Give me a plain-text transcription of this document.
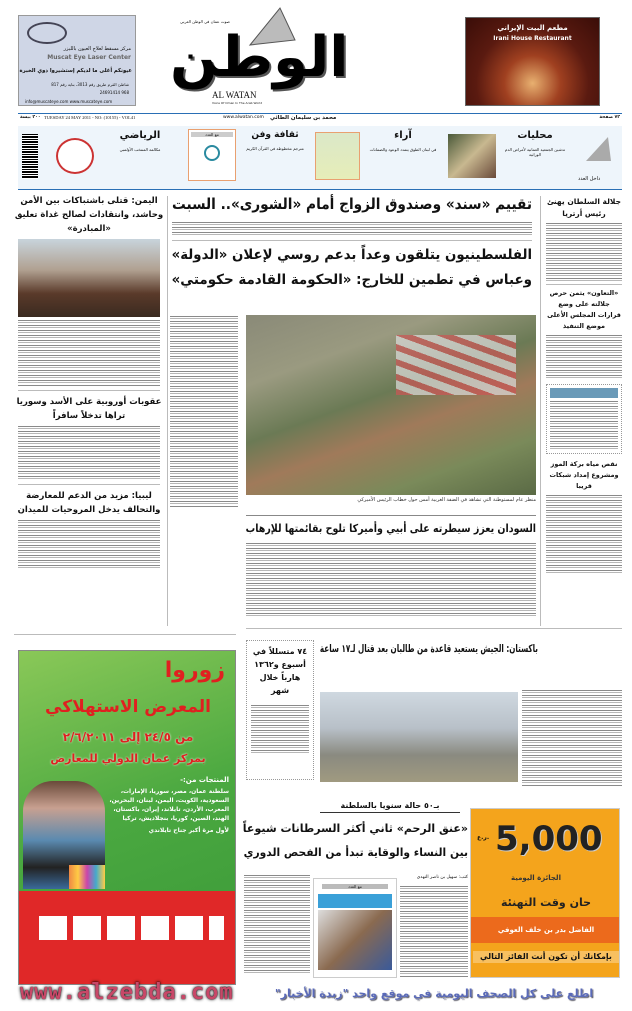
مركز مسقط لعلاج العيون بالليزر
Muscat Eye Laser Center
عيونكم أغلى ما لديكم إستشيروا ذوي الخبرة
شاطئ القرم طريق رقم 3013، بناية رقم 817
968 24691414
info@muscateye.com www.muscateye.com
صوت عمان في الوطن العربي
الوطن
AL WATAN
Voice Of Oman In The Arab World
مطعم البيت الإيراني
Irani House Restaurant
٢٠٠ بيسة TUESDAY 24 MAY 2011 - NO: (10155) - VOL41	www.alwatan.com محمد بن سليمان الطائي	٧٢ صفحة
الرياضي
مكالمة المنتخب الأولمبي
مع العدد	ثقافة وفن
مترجم مخطوطة في القرآن الكريم
آراء
في لبنان الطوق يتمدد الوعود والضمانات
محليات
تدشين الجمعية العمانية لأمراض الدم الوراثية
داخل العدد
جلالة السلطان يهنئ رئيس أرتريا
«التعاون» يثمن حرص جلالته على وضع قرارات المجلس الأعلى موضع التنفيذ
نقص مياه بركة الموز ومشروع إمداد شبكات قريبا
تقييم «سند» وصندوق الزواج أمام «الشورى».. السبت
الفلسطينيون يتلقون وعداً بدعم روسي لإعلان «الدولة»
وعباس في تطمين للخارج: «الحكومة القادمة حكومتي»
منظر عام لمستوطنة التي تشاهد في الضفة الغربية أمس حول خطاب الرئيس الأميركي
السودان يعزز سيطرته على أبيي وأميركا تلوح بقائمتها للإرهاب
اليمن: قتلى باشتباكات بين الأمن وحاشد، وانتقادات لصالح غداة تعليق «المبادرة»
عقوبات أوروبية على الأسد وسوريا تراها تدخلاً سافراً
ليبيا: مزيد من الدعم للمعارضة والتحالف يدخل المروحيات للميدان
زوروا
المعرض الاستهلاكي
من ٢٤/٥ إلى ٢/٦/٢٠١١
بمركز عمان الدولي للمعارض
المنتجات من:-
سلطنة عمان، مصر، سوريا، الإمارات، السعودية، الكويت، اليمن، لبنان، البحرين، المغرب، الأردن، تايلاند، إيران، باكستان، الهند، الصين، كوريا، بنجلاديش، تركيا
لأول مرة أكبر جناح تايلاندي
باكستان: الجيش يستعيد قاعدة من طالبان بعد قتال لـ١٧ ساعة
٧٤ متسللاً في أسبوع و١٣٦٢ هارباً خلال شهر
بـ٥٠ حالة سنويا بالسلطنة
«عنق الرحم» ثاني أكثر السرطانات شيوعاً
بين النساء والوقاية تبدأ من الفحص الدوري
كتب: سهيل بن ناصر النهدي
مع العدد
ر.ع. 5,000
الجائزة اليومية
حان وقت التهنئة
الفاضل بدر بن خلف العوفي
بإمكانك أن تكون أنت الفائز التالي
www.alzebda.com	اطلع على كل الصحف اليومية في موقع واحد "زبدة الأخبار"
